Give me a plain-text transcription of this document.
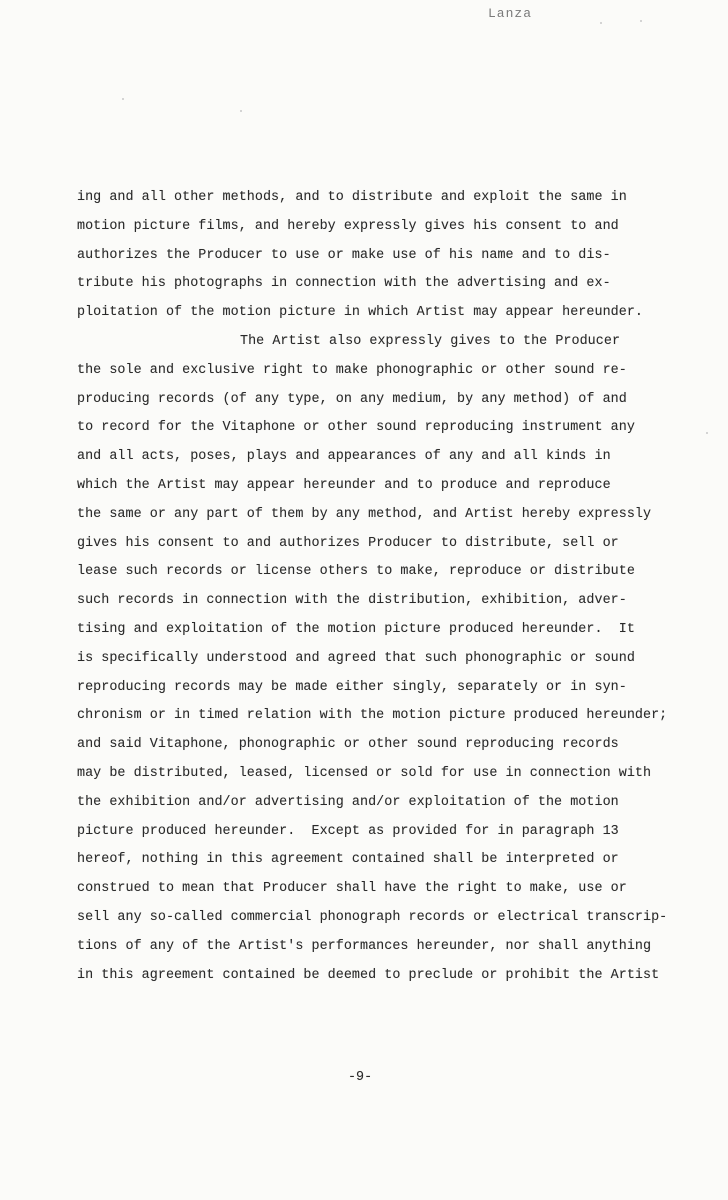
Lanza
ing and all other methods, and to distribute and exploit the same in
motion picture films, and hereby expressly gives his consent to and
authorizes the Producer to use or make use of his name and to dis-
tribute his photographs in connection with the advertising and ex-
ploitation of the motion picture in which Artist may appear hereunder.
The Artist also expressly gives to the Producer
the sole and exclusive right to make phonographic or other sound re-
producing records (of any type, on any medium, by any method) of and
to record for the Vitaphone or other sound reproducing instrument any
and all acts, poses, plays and appearances of any and all kinds in
which the Artist may appear hereunder and to produce and reproduce
the same or any part of them by any method, and Artist hereby expressly
gives his consent to and authorizes Producer to distribute, sell or
lease such records or license others to make, reproduce or distribute
such records in connection with the distribution, exhibition, adver-
tising and exploitation of the motion picture produced hereunder.  It
is specifically understood and agreed that such phonographic or sound
reproducing records may be made either singly, separately or in syn-
chronism or in timed relation with the motion picture produced hereunder;
and said Vitaphone, phonographic or other sound reproducing records
may be distributed, leased, licensed or sold for use in connection with
the exhibition and/or advertising and/or exploitation of the motion
picture produced hereunder.  Except as provided for in paragraph 13
hereof, nothing in this agreement contained shall be interpreted or
construed to mean that Producer shall have the right to make, use or
sell any so-called commercial phonograph records or electrical transcrip-
tions of any of the Artist's performances hereunder, nor shall anything
in this agreement contained be deemed to preclude or prohibit the Artist
-9-
